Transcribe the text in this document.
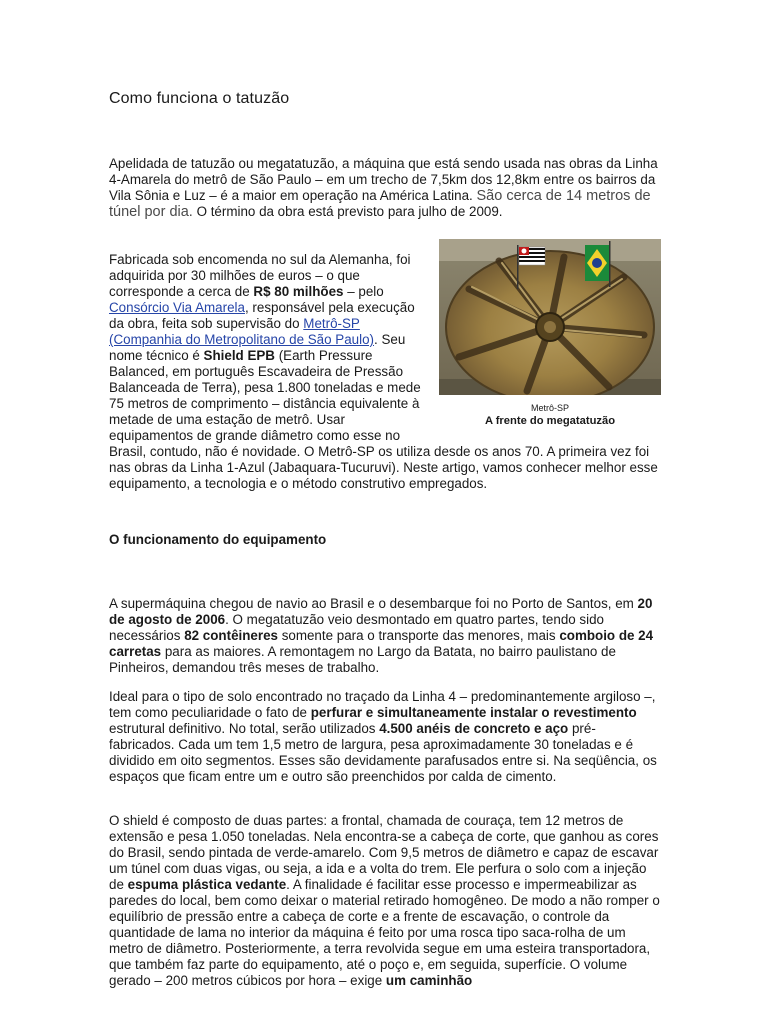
Como funciona o tatuzão

Apelidada de tatuzão ou megatatuzão, a máquina que está sendo usada nas obras da Linha 4-Amarela do metrô de São Paulo – em um trecho de 7,5km dos 12,8km entre os bairros da Vila Sônia e Luz – é a maior em operação na América Latina. São cerca de 14 metros de túnel por dia. O término da obra está previsto para julho de 2009.

Metrô-SP
A frente do megatatuzão

Fabricada sob encomenda no sul da Alemanha, foi adquirida por 30 milhões de euros – o que corresponde a cerca de R$ 80 milhões – pelo Consórcio Via Amarela, responsável pela execução da obra, feita sob supervisão do Metrô-SP (Companhia do Metropolitano de São Paulo). Seu nome técnico é Shield EPB (Earth Pressure Balanced, em português Escavadeira de Pressão Balanceada de Terra), pesa 1.800 toneladas e mede 75 metros de comprimento – distância equivalente à metade de uma estação de metrô. Usar equipamentos de grande diâmetro como esse no Brasil, contudo, não é novidade. O Metrô-SP os utiliza desde os anos 70. A primeira vez foi nas obras da Linha 1-Azul (Jabaquara-Tucuruvi). Neste artigo, vamos conhecer melhor esse equipamento, a tecnologia e o método construtivo empregados.

O funcionamento do equipamento

A supermáquina chegou de navio ao Brasil e o desembarque foi no Porto de Santos, em 20 de agosto de 2006. O megatatuzão veio desmontado em quatro partes, tendo sido necessários 82 contêineres somente para o transporte das menores, mais comboio de 24 carretas para as maiores. A remontagem no Largo da Batata, no bairro paulistano de Pinheiros, demandou três meses de trabalho.

Ideal para o tipo de solo encontrado no traçado da Linha 4 – predominantemente argiloso –, tem como peculiaridade o fato de perfurar e simultaneamente instalar o revestimento estrutural definitivo. No total, serão utilizados 4.500 anéis de concreto e aço pré-fabricados. Cada um tem 1,5 metro de largura, pesa aproximadamente 30 toneladas e é dividido em oito segmentos. Esses são devidamente parafusados entre si. Na seqüência, os espaços que ficam entre um e outro são preenchidos por calda de cimento.

O shield é composto de duas partes: a frontal, chamada de couraça, tem 12 metros de extensão e pesa 1.050 toneladas. Nela encontra-se a cabeça de corte, que ganhou as cores do Brasil, sendo pintada de verde-amarelo. Com 9,5 metros de diâmetro e capaz de escavar um túnel com duas vigas, ou seja, a ida e a volta do trem. Ele perfura o solo com a injeção de espuma plástica vedante. A finalidade é facilitar esse processo e impermeabilizar as paredes do local, bem como deixar o material retirado homogêneo. De modo a não romper o equilíbrio de pressão entre a cabeça de corte e a frente de escavação, o controle da quantidade de lama no interior da máquina é feito por uma rosca tipo saca-rolha de um metro de diâmetro. Posteriormente, a terra revolvida segue em uma esteira transportadora, que também faz parte do equipamento, até o poço e, em seguida, superfície. O volume gerado – 200 metros cúbicos por hora – exige um caminhão
